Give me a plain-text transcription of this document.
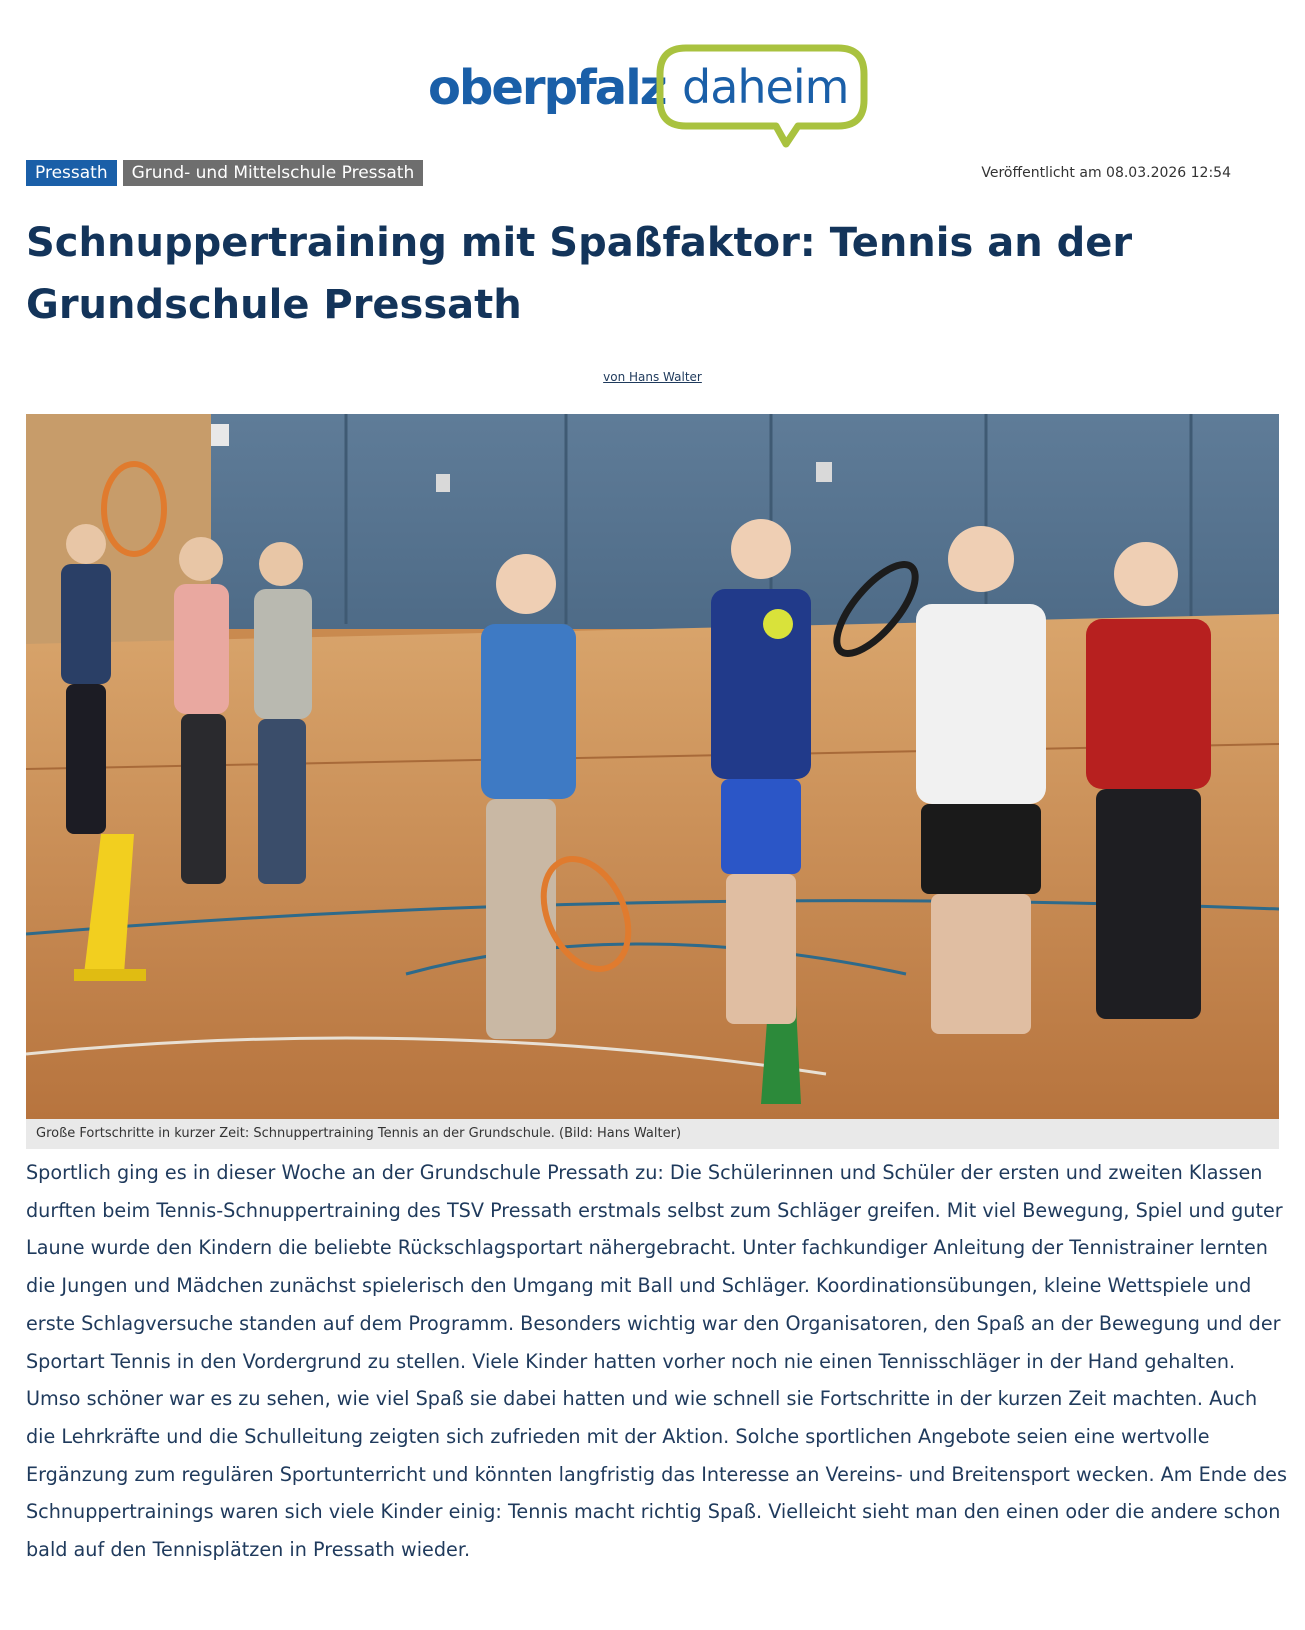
oberpfalz daheim
Pressath	Grund- und Mittelschule Pressath	Veröffentlicht am 08.03.2026 12:54
Schnuppertraining mit Spaßfaktor: Tennis an der Grundschule Pressath
von Hans Walter
Große Fortschritte in kurzer Zeit: Schnuppertraining Tennis an der Grundschule. (Bild: Hans Walter)

Sportlich ging es in dieser Woche an der Grundschule Pressath zu: Die Schülerinnen und Schüler der ersten und zweiten Klassen durften beim Tennis-Schnuppertraining des TSV Pressath erstmals selbst zum Schläger greifen. Mit viel Bewegung, Spiel und guter Laune wurde den Kindern die beliebte Rückschlagsportart nähergebracht. Unter fachkundiger Anleitung der Tennistrainer lernten die Jungen und Mädchen zunächst spielerisch den Umgang mit Ball und Schläger. Koordinationsübungen, kleine Wettspiele und erste Schlagversuche standen auf dem Programm. Besonders wichtig war den Organisatoren, den Spaß an der Bewegung und der Sportart Tennis in den Vordergrund zu stellen. Viele Kinder hatten vorher noch nie einen Tennisschläger in der Hand gehalten. Umso schöner war es zu sehen, wie viel Spaß sie dabei hatten und wie schnell sie Fortschritte in der kurzen Zeit machten. Auch die Lehrkräfte und die Schulleitung zeigten sich zufrieden mit der Aktion. Solche sportlichen Angebote seien eine wertvolle Ergänzung zum regulären Sportunterricht und könnten langfristig das Interesse an Vereins- und Breitensport wecken. Am Ende des Schnuppertrainings waren sich viele Kinder einig: Tennis macht richtig Spaß. Vielleicht sieht man den einen oder die andere schon bald auf den Tennisplätzen in Pressath wieder.
